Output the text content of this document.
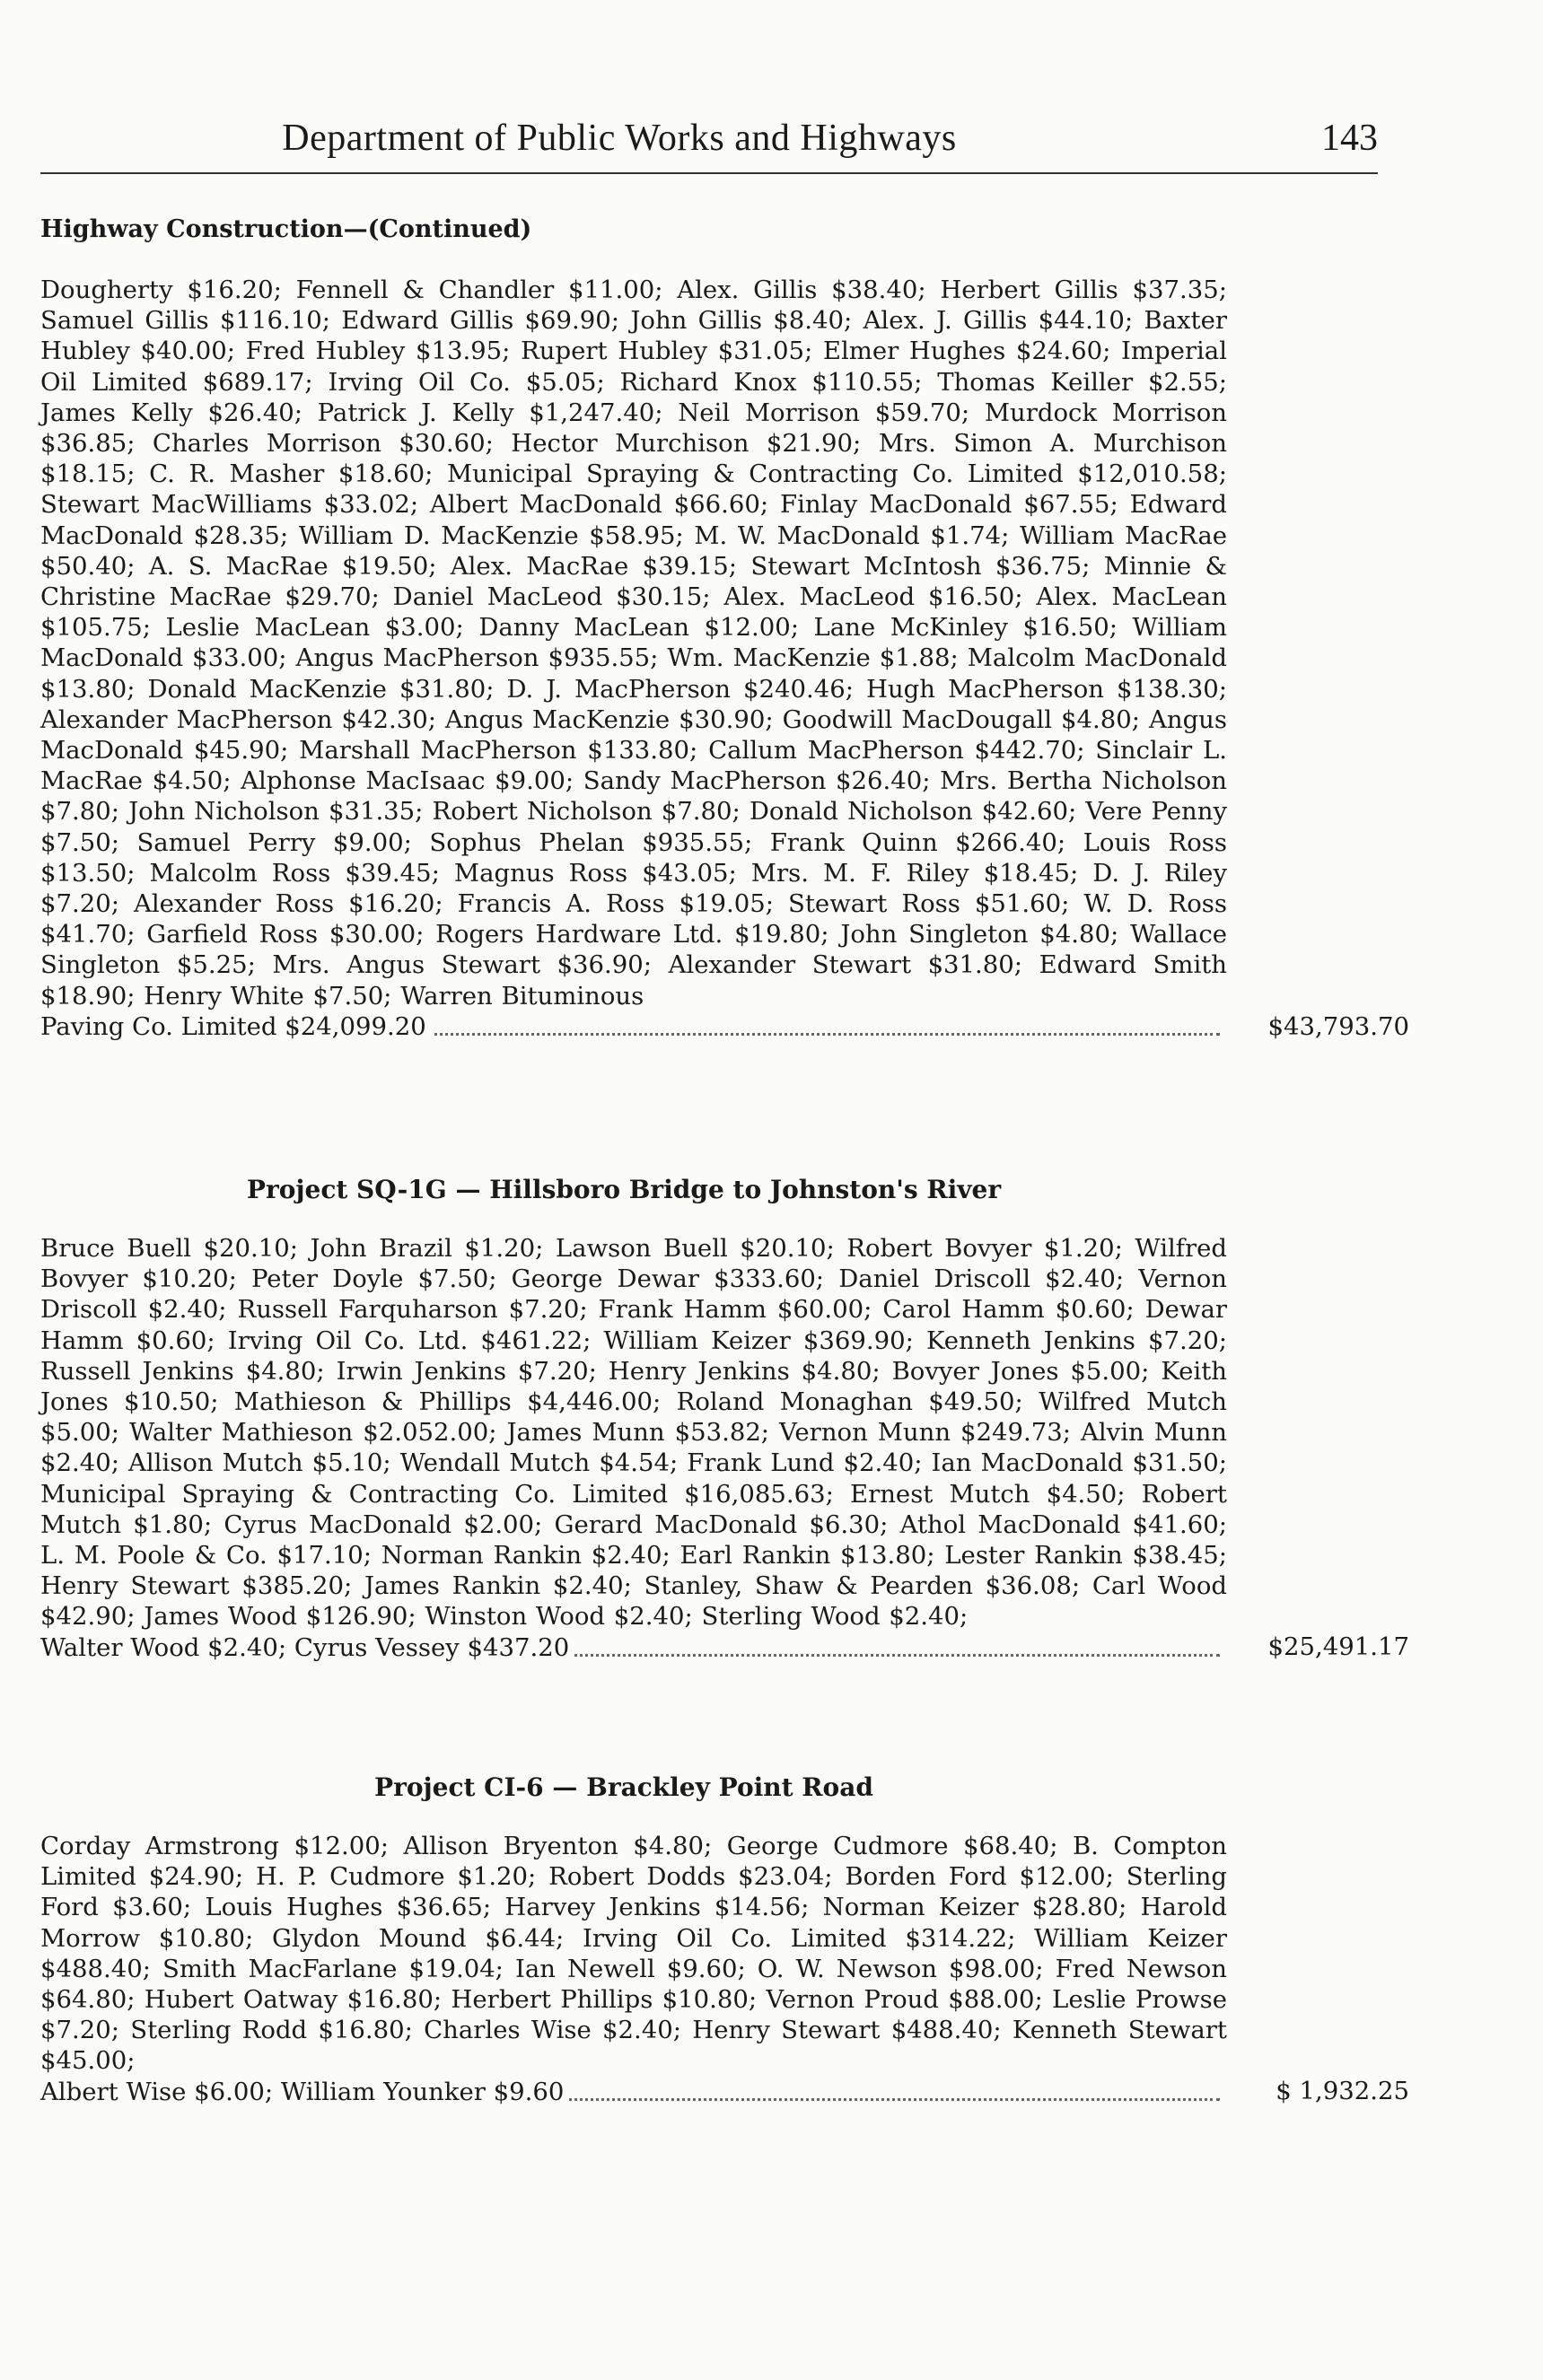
Department of Public Works and Highways	143
Highway Construction—(Continued)
Dougherty $16.20; Fennell & Chandler $11.00; Alex. Gillis $38.40; Herbert Gillis $37.35; Samuel Gillis $116.10; Edward Gillis $69.90; John Gillis $8.40; Alex. J. Gillis $44.10; Baxter Hubley $40.00; Fred Hubley $13.95; Rupert Hubley $31.05; Elmer Hughes $24.60; Imperial Oil Limited $689.17; Irving Oil Co. $5.05; Richard Knox $110.55; Thomas Keiller $2.55; James Kelly $26.40; Patrick J. Kelly $1,247.40; Neil Morrison $59.70; Murdock Morrison $36.85; Charles Morrison $30.60; Hector Murchison $21.90; Mrs. Simon A. Murchison $18.15; C. R. Masher $18.60; Municipal Spraying & Contracting Co. Limited $12,010.58; Stewart MacWilliams $33.02; Albert MacDonald $66.60; Finlay MacDonald $67.55; Edward MacDonald $28.35; William D. MacKenzie $58.95; M. W. MacDonald $1.74; William MacRae $50.40; A. S. MacRae $19.50; Alex. MacRae $39.15; Stewart McIntosh $36.75; Minnie & Christine MacRae $29.70; Daniel MacLeod $30.15; Alex. MacLeod $16.50; Alex. MacLean $105.75; Leslie MacLean $3.00; Danny MacLean $12.00; Lane McKinley $16.50; William MacDonald $33.00; Angus MacPherson $935.55; Wm. MacKenzie $1.88; Malcolm MacDonald $13.80; Donald MacKenzie $31.80; D. J. MacPherson $240.46; Hugh MacPherson $138.30; Alexander MacPherson $42.30; Angus MacKenzie $30.90; Goodwill MacDougall $4.80; Angus MacDonald $45.90; Marshall MacPherson $133.80; Callum MacPherson $442.70; Sinclair L. MacRae $4.50; Alphonse MacIsaac $9.00; Sandy MacPherson $26.40; Mrs. Bertha Nicholson $7.80; John Nicholson $31.35; Robert Nicholson $7.80; Donald Nicholson $42.60; Vere Penny $7.50; Samuel Perry $9.00; Sophus Phelan $935.55; Frank Quinn $266.40; Louis Ross $13.50; Malcolm Ross $39.45; Magnus Ross $43.05; Mrs. M. F. Riley $18.45; D. J. Riley $7.20; Alexander Ross $16.20; Francis A. Ross $19.05; Stewart Ross $51.60; W. D. Ross $41.70; Garfield Ross $30.00; Rogers Hardware Ltd. $19.80; John Singleton $4.80; Wallace Singleton $5.25; Mrs. Angus Stewart $36.90; Alexander Stewart $31.80; Edward Smith $18.90; Henry White $7.50; Warren Bituminous
Paving Co. Limited $24,099.20	$43,793.70
Project SQ-1G — Hillsboro Bridge to Johnston's River
Bruce Buell $20.10; John Brazil $1.20; Lawson Buell $20.10; Robert Bovyer $1.20; Wilfred Bovyer $10.20; Peter Doyle $7.50; George Dewar $333.60; Daniel Driscoll $2.40; Vernon Driscoll $2.40; Russell Farquharson $7.20; Frank Hamm $60.00; Carol Hamm $0.60; Dewar Hamm $0.60; Irving Oil Co. Ltd. $461.22; William Keizer $369.90; Kenneth Jenkins $7.20; Russell Jenkins $4.80; Irwin Jenkins $7.20; Henry Jenkins $4.80; Bovyer Jones $5.00; Keith Jones $10.50; Mathieson & Phillips $4,446.00; Roland Monaghan $49.50; Wilfred Mutch $5.00; Walter Mathieson $2.052.00; James Munn $53.82; Vernon Munn $249.73; Alvin Munn $2.40; Allison Mutch $5.10; Wendall Mutch $4.54; Frank Lund $2.40; Ian MacDonald $31.50; Municipal Spraying & Contracting Co. Limited $16,085.63; Ernest Mutch $4.50; Robert Mutch $1.80; Cyrus MacDonald $2.00; Gerard MacDonald $6.30; Athol MacDonald $41.60; L. M. Poole & Co. $17.10; Norman Rankin $2.40; Earl Rankin $13.80; Lester Rankin $38.45; Henry Stewart $385.20; James Rankin $2.40; Stanley, Shaw & Pearden $36.08; Carl Wood $42.90; James Wood $126.90; Winston Wood $2.40; Sterling Wood $2.40;
Walter Wood $2.40; Cyrus Vessey $437.20	$25,491.17
Project CI-6 — Brackley Point Road
Corday Armstrong $12.00; Allison Bryenton $4.80; George Cudmore $68.40; B. Compton Limited $24.90; H. P. Cudmore $1.20; Robert Dodds $23.04; Borden Ford $12.00; Sterling Ford $3.60; Louis Hughes $36.65; Harvey Jenkins $14.56; Norman Keizer $28.80; Harold Morrow $10.80; Glydon Mound $6.44; Irving Oil Co. Limited $314.22; William Keizer $488.40; Smith MacFarlane $19.04; Ian Newell $9.60; O. W. Newson $98.00; Fred Newson $64.80; Hubert Oatway $16.80; Herbert Phillips $10.80; Vernon Proud $88.00; Leslie Prowse $7.20; Sterling Rodd $16.80; Charles Wise $2.40; Henry Stewart $488.40; Kenneth Stewart $45.00;
Albert Wise $6.00; William Younker $9.60	$ 1,932.25
